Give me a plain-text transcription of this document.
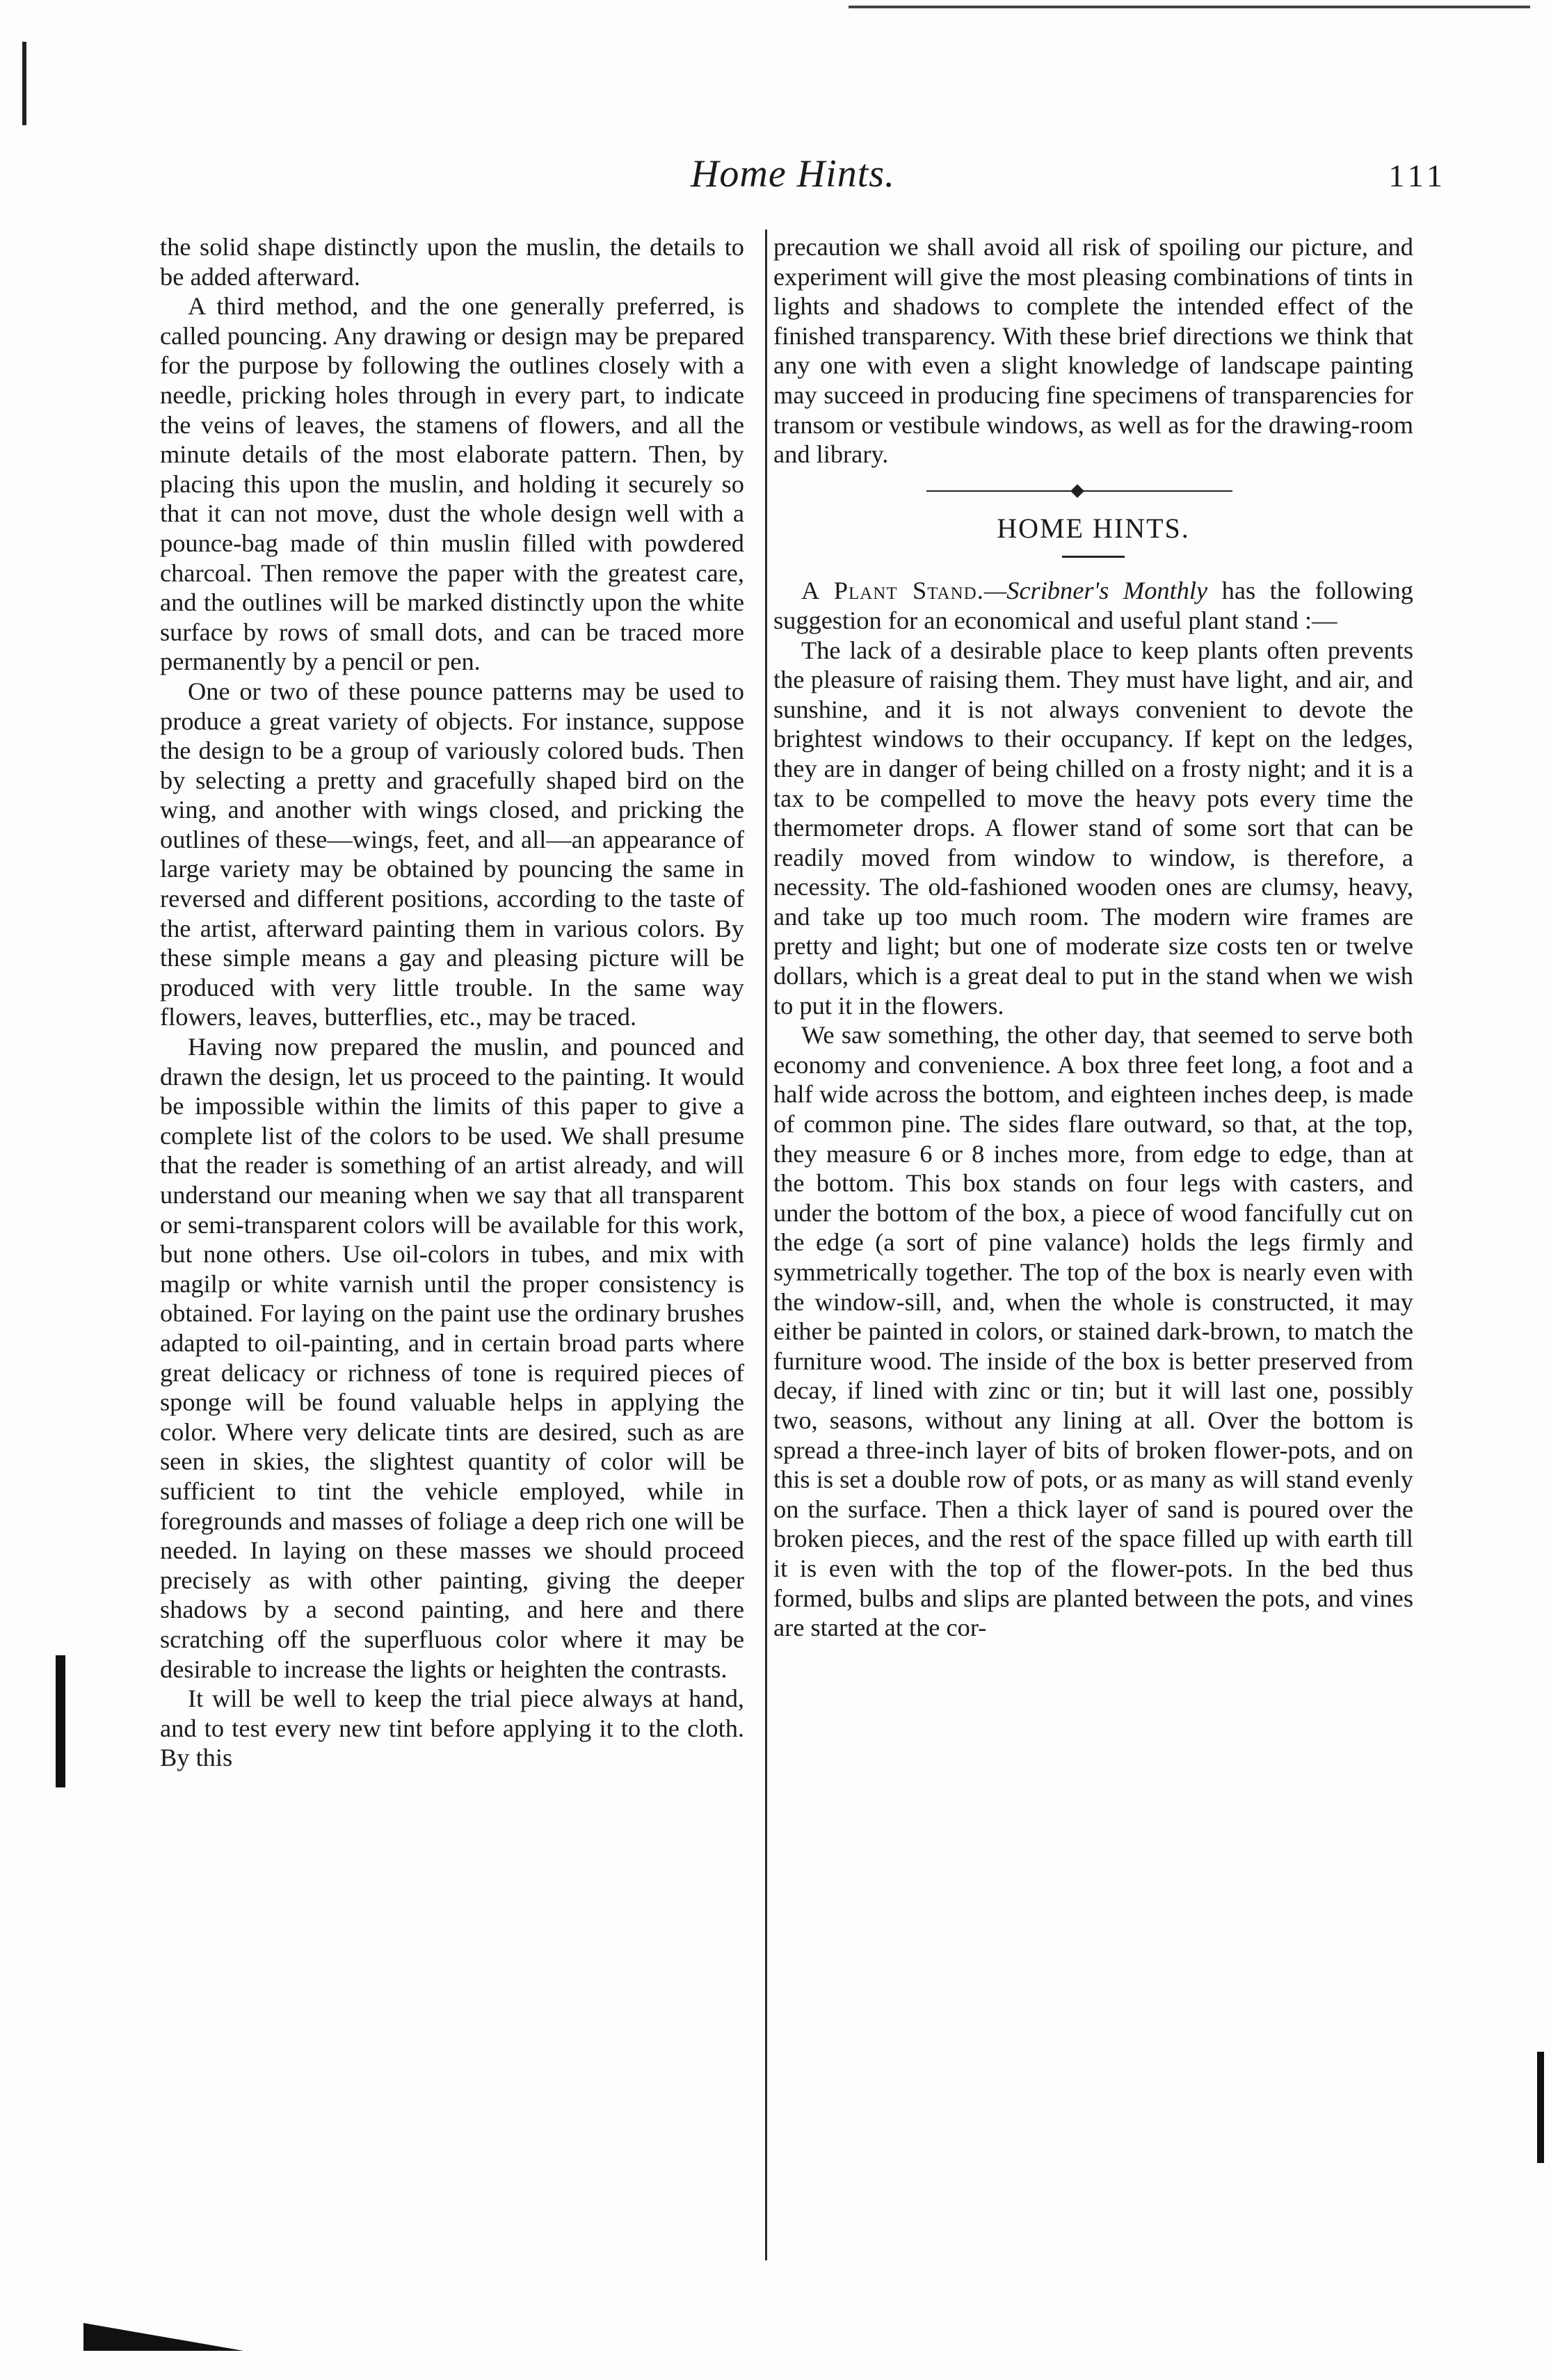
Home Hints.	111

the solid shape distinctly upon the muslin, the details to be added afterward.

A third method, and the one generally preferred, is called pouncing. Any drawing or design may be prepared for the purpose by following the outlines closely with a needle, pricking holes through in every part, to indicate the veins of leaves, the stamens of flowers, and all the minute details of the most elaborate pattern. Then, by placing this upon the muslin, and holding it securely so that it can not move, dust the whole design well with a pounce-bag made of thin muslin filled with powdered charcoal. Then remove the paper with the greatest care, and the outlines will be marked distinctly upon the white surface by rows of small dots, and can be traced more permanently by a pencil or pen.

One or two of these pounce patterns may be used to produce a great variety of objects. For instance, suppose the design to be a group of variously colored buds. Then by selecting a pretty and gracefully shaped bird on the wing, and another with wings closed, and pricking the outlines of these—wings, feet, and all—an appearance of large variety may be obtained by pouncing the same in reversed and different positions, according to the taste of the artist, afterward painting them in various colors. By these simple means a gay and pleasing picture will be produced with very little trouble. In the same way flowers, leaves, butterflies, etc., may be traced.

Having now prepared the muslin, and pounced and drawn the design, let us proceed to the painting. It would be impossible within the limits of this paper to give a complete list of the colors to be used. We shall presume that the reader is something of an artist already, and will understand our meaning when we say that all transparent or semi-transparent colors will be available for this work, but none others. Use oil-colors in tubes, and mix with magilp or white varnish until the proper consistency is obtained. For laying on the paint use the ordinary brushes adapted to oil-painting, and in certain broad parts where great delicacy or richness of tone is required pieces of sponge will be found valuable helps in applying the color. Where very delicate tints are desired, such as are seen in skies, the slightest quantity of color will be sufficient to tint the vehicle employed, while in foregrounds and masses of foliage a deep rich one will be needed. In laying on these masses we should proceed precisely as with other painting, giving the deeper shadows by a second painting, and here and there scratching off the superfluous color where it may be desirable to increase the lights or heighten the contrasts.

It will be well to keep the trial piece always at hand, and to test every new tint before applying it to the cloth. By this

precaution we shall avoid all risk of spoiling our picture, and experiment will give the most pleasing combinations of tints in lights and shadows to complete the intended effect of the finished transparency. With these brief directions we think that any one with even a slight knowledge of landscape painting may succeed in producing fine specimens of transparencies for transom or vestibule windows, as well as for the drawing-room and library.

HOME HINTS.

A Plant Stand.—Scribner's Monthly has the following suggestion for an economical and useful plant stand :—

The lack of a desirable place to keep plants often prevents the pleasure of raising them. They must have light, and air, and sunshine, and it is not always convenient to devote the brightest windows to their occupancy. If kept on the ledges, they are in danger of being chilled on a frosty night; and it is a tax to be compelled to move the heavy pots every time the thermometer drops. A flower stand of some sort that can be readily moved from window to window, is therefore, a necessity. The old-fashioned wooden ones are clumsy, heavy, and take up too much room. The modern wire frames are pretty and light; but one of moderate size costs ten or twelve dollars, which is a great deal to put in the stand when we wish to put it in the flowers.

We saw something, the other day, that seemed to serve both economy and convenience. A box three feet long, a foot and a half wide across the bottom, and eighteen inches deep, is made of common pine. The sides flare outward, so that, at the top, they measure 6 or 8 inches more, from edge to edge, than at the bottom. This box stands on four legs with casters, and under the bottom of the box, a piece of wood fancifully cut on the edge (a sort of pine valance) holds the legs firmly and symmetrically together. The top of the box is nearly even with the window-sill, and, when the whole is constructed, it may either be painted in colors, or stained dark-brown, to match the furniture wood. The inside of the box is better preserved from decay, if lined with zinc or tin; but it will last one, possibly two, seasons, without any lining at all. Over the bottom is spread a three-inch layer of bits of broken flower-pots, and on this is set a double row of pots, or as many as will stand evenly on the surface. Then a thick layer of sand is poured over the broken pieces, and the rest of the space filled up with earth till it is even with the top of the flower-pots. In the bed thus formed, bulbs and slips are planted between the pots, and vines are started at the cor-
